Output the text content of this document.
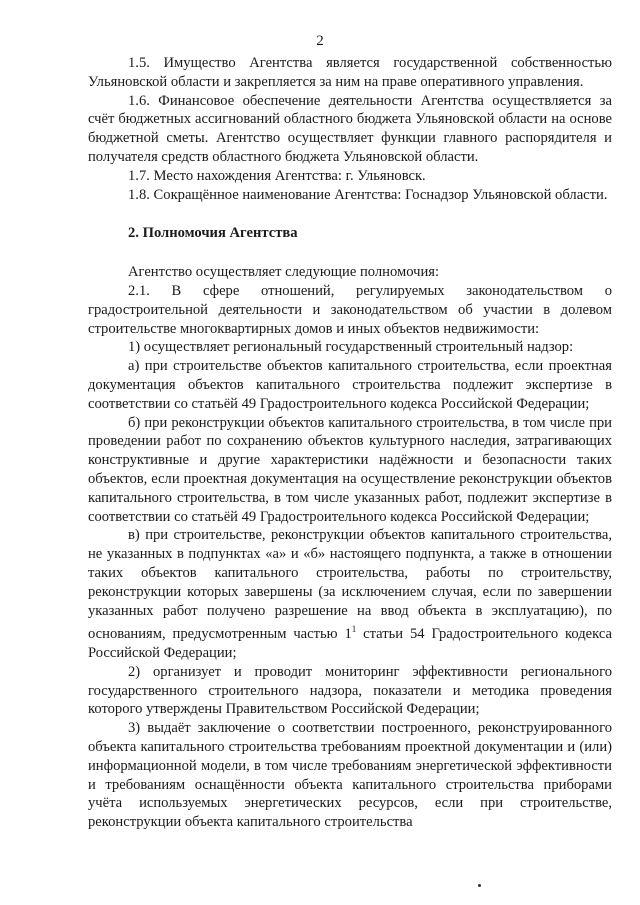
2

1.5. Имущество Агентства является государственной собственностью Ульяновской области и закрепляется за ним на праве оперативного управления.

1.6. Финансовое обеспечение деятельности Агентства осуществляется за счёт бюджетных ассигнований областного бюджета Ульяновской области на основе бюджетной сметы. Агентство осуществляет функции главного распорядителя и получателя средств областного бюджета Ульяновской области.

1.7. Место нахождения Агентства: г. Ульяновск.

1.8. Сокращённое наименование Агентства: Госнадзор Ульяновской области.

2. Полномочия Агентства

Агентство осуществляет следующие полномочия:

2.1. В сфере отношений, регулируемых законодательством о градостроительной деятельности и законодательством об участии в долевом строительстве многоквартирных домов и иных объектов недвижимости:

1) осуществляет региональный государственный строительный надзор:

а) при строительстве объектов капитального строительства, если проектная документация объектов капитального строительства подлежит экспертизе в соответствии со статьёй 49 Градостроительного кодекса Российской Федерации;

б) при реконструкции объектов капитального строительства, в том числе при проведении работ по сохранению объектов культурного наследия, затрагивающих конструктивные и другие характеристики надёжности и безопасности таких объектов, если проектная документация на осуществление реконструкции объектов капитального строительства, в том числе указанных работ, подлежит экспертизе в соответствии со статьёй 49 Градостроительного кодекса Российской Федерации;

в) при строительстве, реконструкции объектов капитального строительства, не указанных в подпунктах «а» и «б» настоящего подпункта, а также в отношении таких объектов капитального строительства, работы по строительству, реконструкции которых завершены (за исключением случая, если по завершении указанных работ получено разрешение на ввод объекта в эксплуатацию), по основаниям, предусмотренным частью $1^1$ статьи 54 Градостроительного кодекса Российской Федерации;

2) организует и проводит мониторинг эффективности регионального государственного строительного надзора, показатели и методика проведения которого утверждены Правительством Российской Федерации;

3) выдаёт заключение о соответствии построенного, реконструированного объекта капитального строительства требованиям проектной документации и (или) информационной модели, в том числе требованиям энергетической эффективности и требованиям оснащённости объекта капитального строительства приборами учёта используемых энергетических ресурсов, если при строительстве, реконструкции объекта капитального строительства
